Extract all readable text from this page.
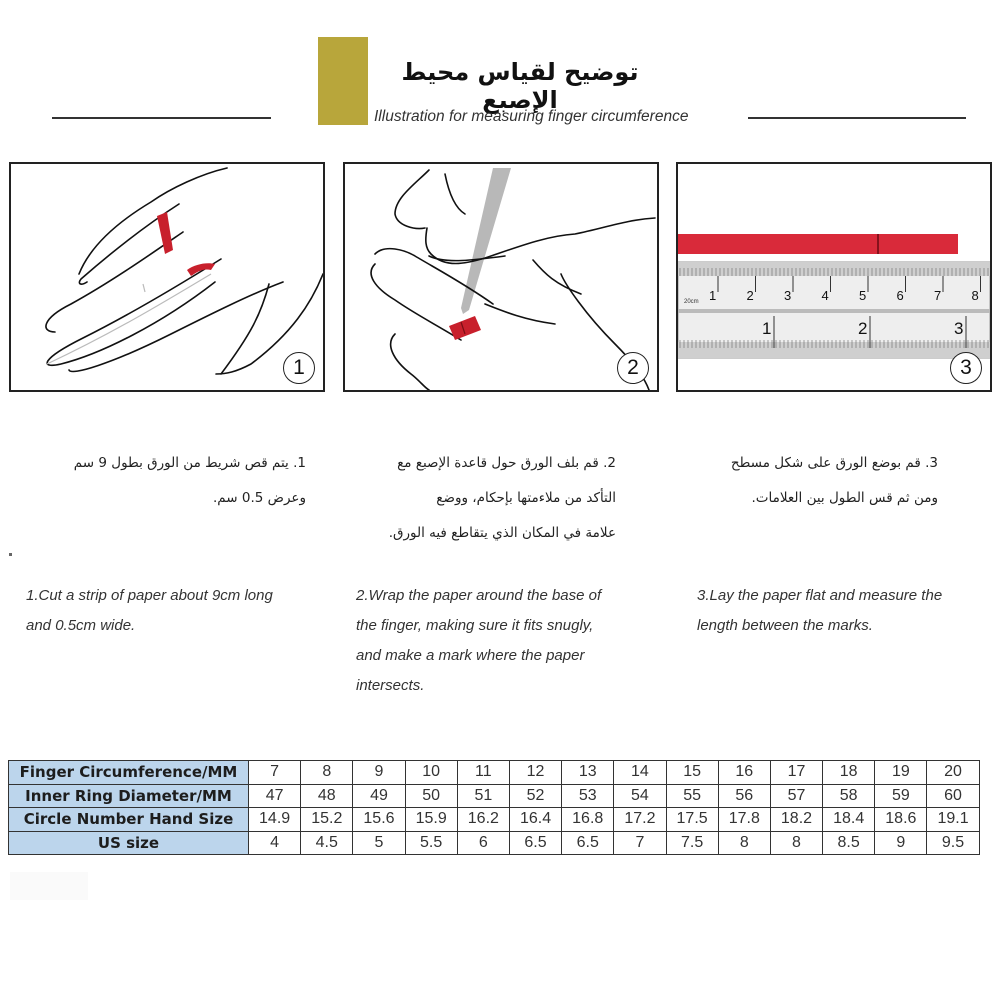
توضيح لقياس محيط الإصبع
Illustration for measuring finger circumference
1	2
1 2 3 4 5 6 7 8
1	2	3
20cm
3
1. يتم قص شريط من الورق بطول 9 سم
وعرض 0.5 سم.
2. قم بلف الورق حول قاعدة الإصبع مع
التأكد من ملاءمتها بإحكام، ووضع
علامة في المكان الذي يتقاطع فيه الورق.
3. قم بوضع الورق على شكل مسطح
ومن ثم قس الطول بين العلامات.
1.Cut a strip of paper about 9cm long
and 0.5cm wide.
2.Wrap the paper around the base of
the finger, making sure it fits snugly,
and make a mark where the paper
intersects.
3.Lay the paper flat and measure the
length between the marks.
Finger Circumference/MM	7	8	9	10	11	12	13	14	15	16	17	18	19	20
Inner Ring Diameter/MM	47	48	49	50	51	52	53	54	55	56	57	58	59	60
Circle Number Hand Size	14.9	15.2	15.6	15.9	16.2	16.4	16.8	17.2	17.5	17.8	18.2	18.4	18.6	19.1
US size	4	4.5	5	5.5	6	6.5	6.5	7	7.5	8	8	8.5	9	9.5
